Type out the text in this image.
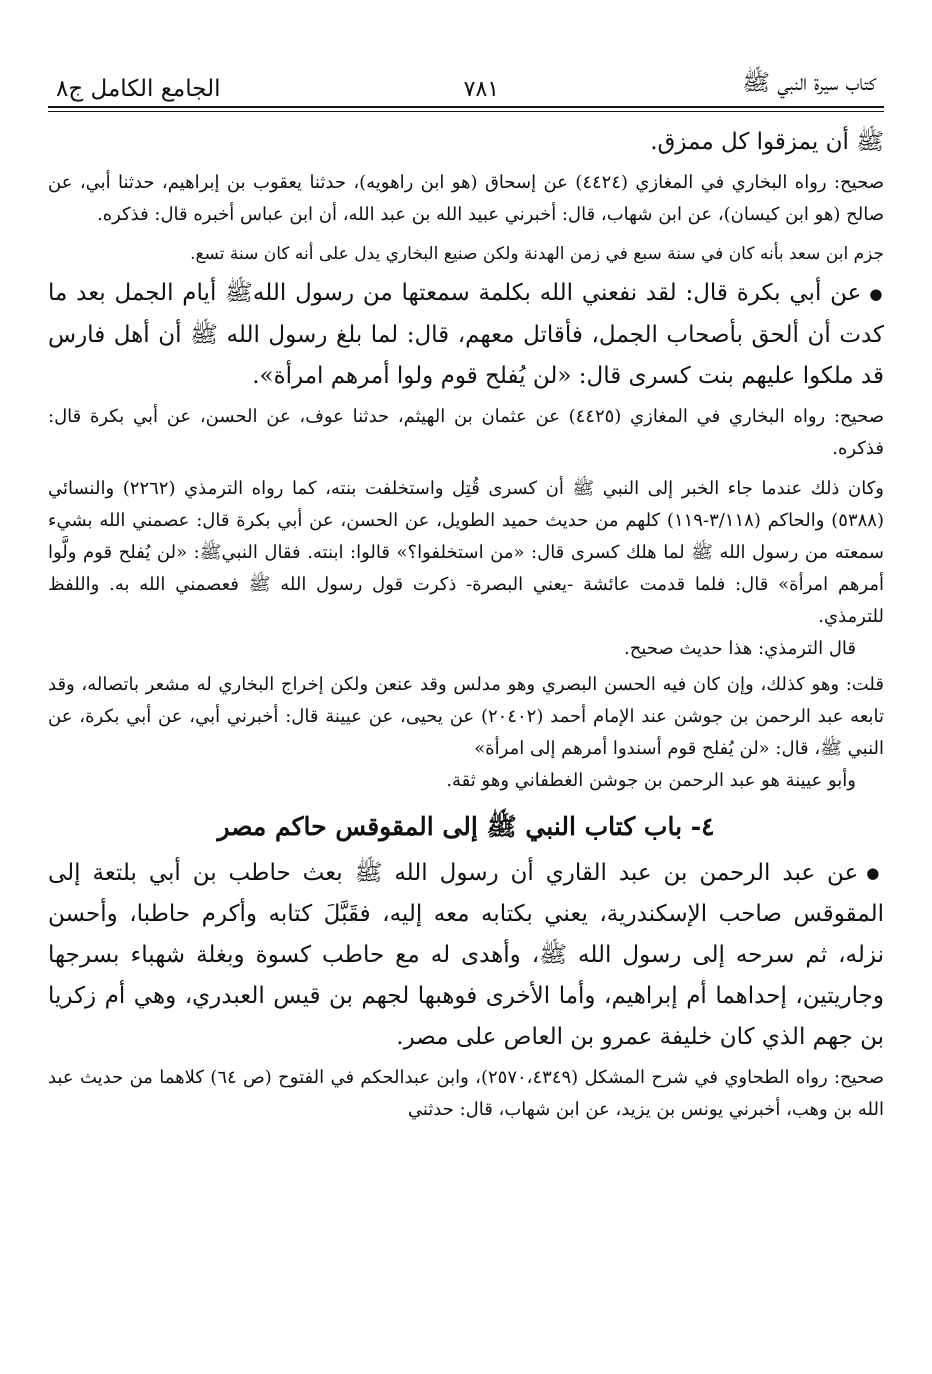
كتاب سيرة النبي ﷺ
٧٨١
الجامع الكامل ج٨

ﷺ أن يمزقوا كل ممزق.

صحيح: رواه البخاري في المغازي (٤٤٢٤) عن إسحاق (هو ابن راهويه)، حدثنا يعقوب بن إبراهيم، حدثنا أبي، عن صالح (هو ابن كيسان)، عن ابن شهاب، قال: أخبرني عبيد الله بن عبد الله، أن ابن عباس أخبره قال: فذكره.

جزم ابن سعد بأنه كان في سنة سبع في زمن الهدنة ولكن صنيع البخاري يدل على أنه كان سنة تسع.

● عن أبي بكرة قال: لقد نفعني الله بكلمة سمعتها من رسول اللهﷺ أيام الجمل بعد ما كدت أن ألحق بأصحاب الجمل، فأقاتل معهم، قال: لما بلغ رسول الله ﷺ أن أهل فارس قد ملكوا عليهم بنت كسرى قال: «لن يُفلح قوم ولوا أمرهم امرأة».

صحيح: رواه البخاري في المغازي (٤٤٢٥) عن عثمان بن الهيثم، حدثنا عوف، عن الحسن، عن أبي بكرة قال: فذكره.

وكان ذلك عندما جاء الخبر إلى النبي ﷺ أن كسرى قُتِل واستخلفت بنته، كما رواه الترمذي (٢٢٦٢) والنسائي (٥٣٨٨) والحاكم (٣/١١٨-١١٩) كلهم من حديث حميد الطويل، عن الحسن، عن أبي بكرة قال: عصمني الله بشيء سمعته من رسول الله ﷺ لما هلك كسرى قال: «من استخلفوا؟» قالوا: ابنته. فقال النبيﷺ: «لن يُفلح قوم ولَّوا أمرهم امرأة» قال: فلما قدمت عائشة -يعني البصرة- ذكرت قول رسول الله ﷺ فعصمني الله به. واللفظ للترمذي.

قال الترمذي: هذا حديث صحيح.

قلت: وهو كذلك، وإن كان فيه الحسن البصري وهو مدلس وقد عنعن ولكن إخراج البخاري له مشعر باتصاله، وقد تابعه عبد الرحمن بن جوشن عند الإمام أحمد (٢٠٤٠٢) عن يحيى، عن عيينة قال: أخبرني أبي، عن أبي بكرة، عن النبي ﷺ، قال: «لن يُفلح قوم أسندوا أمرهم إلى امرأة»

وأبو عيينة هو عبد الرحمن بن جوشن الغطفاني وهو ثقة.

٤- باب كتاب النبي ﷺ إلى المقوقس حاكم مصر

● عن عبد الرحمن بن عبد القاري أن رسول الله ﷺ بعث حاطب بن أبي بلتعة إلى المقوقس صاحب الإسكندرية، يعني بكتابه معه إليه، فقَبَّلَ كتابه وأكرم حاطبا، وأحسن نزله، ثم سرحه إلى رسول الله ﷺ، وأهدى له مع حاطب كسوة وبغلة شهباء بسرجها وجاريتين، إحداهما أم إبراهيم، وأما الأخرى فوهبها لجهم بن قيس العبدري، وهي أم زكريا بن جهم الذي كان خليفة عمرو بن العاص على مصر.

صحيح: رواه الطحاوي في شرح المشكل (٢٥٧٠،٤٣٤٩)، وابن عبدالحكم في الفتوح (ص ٦٤) كلاهما من حديث عبد الله بن وهب، أخبرني يونس بن يزيد، عن ابن شهاب، قال: حدثني
